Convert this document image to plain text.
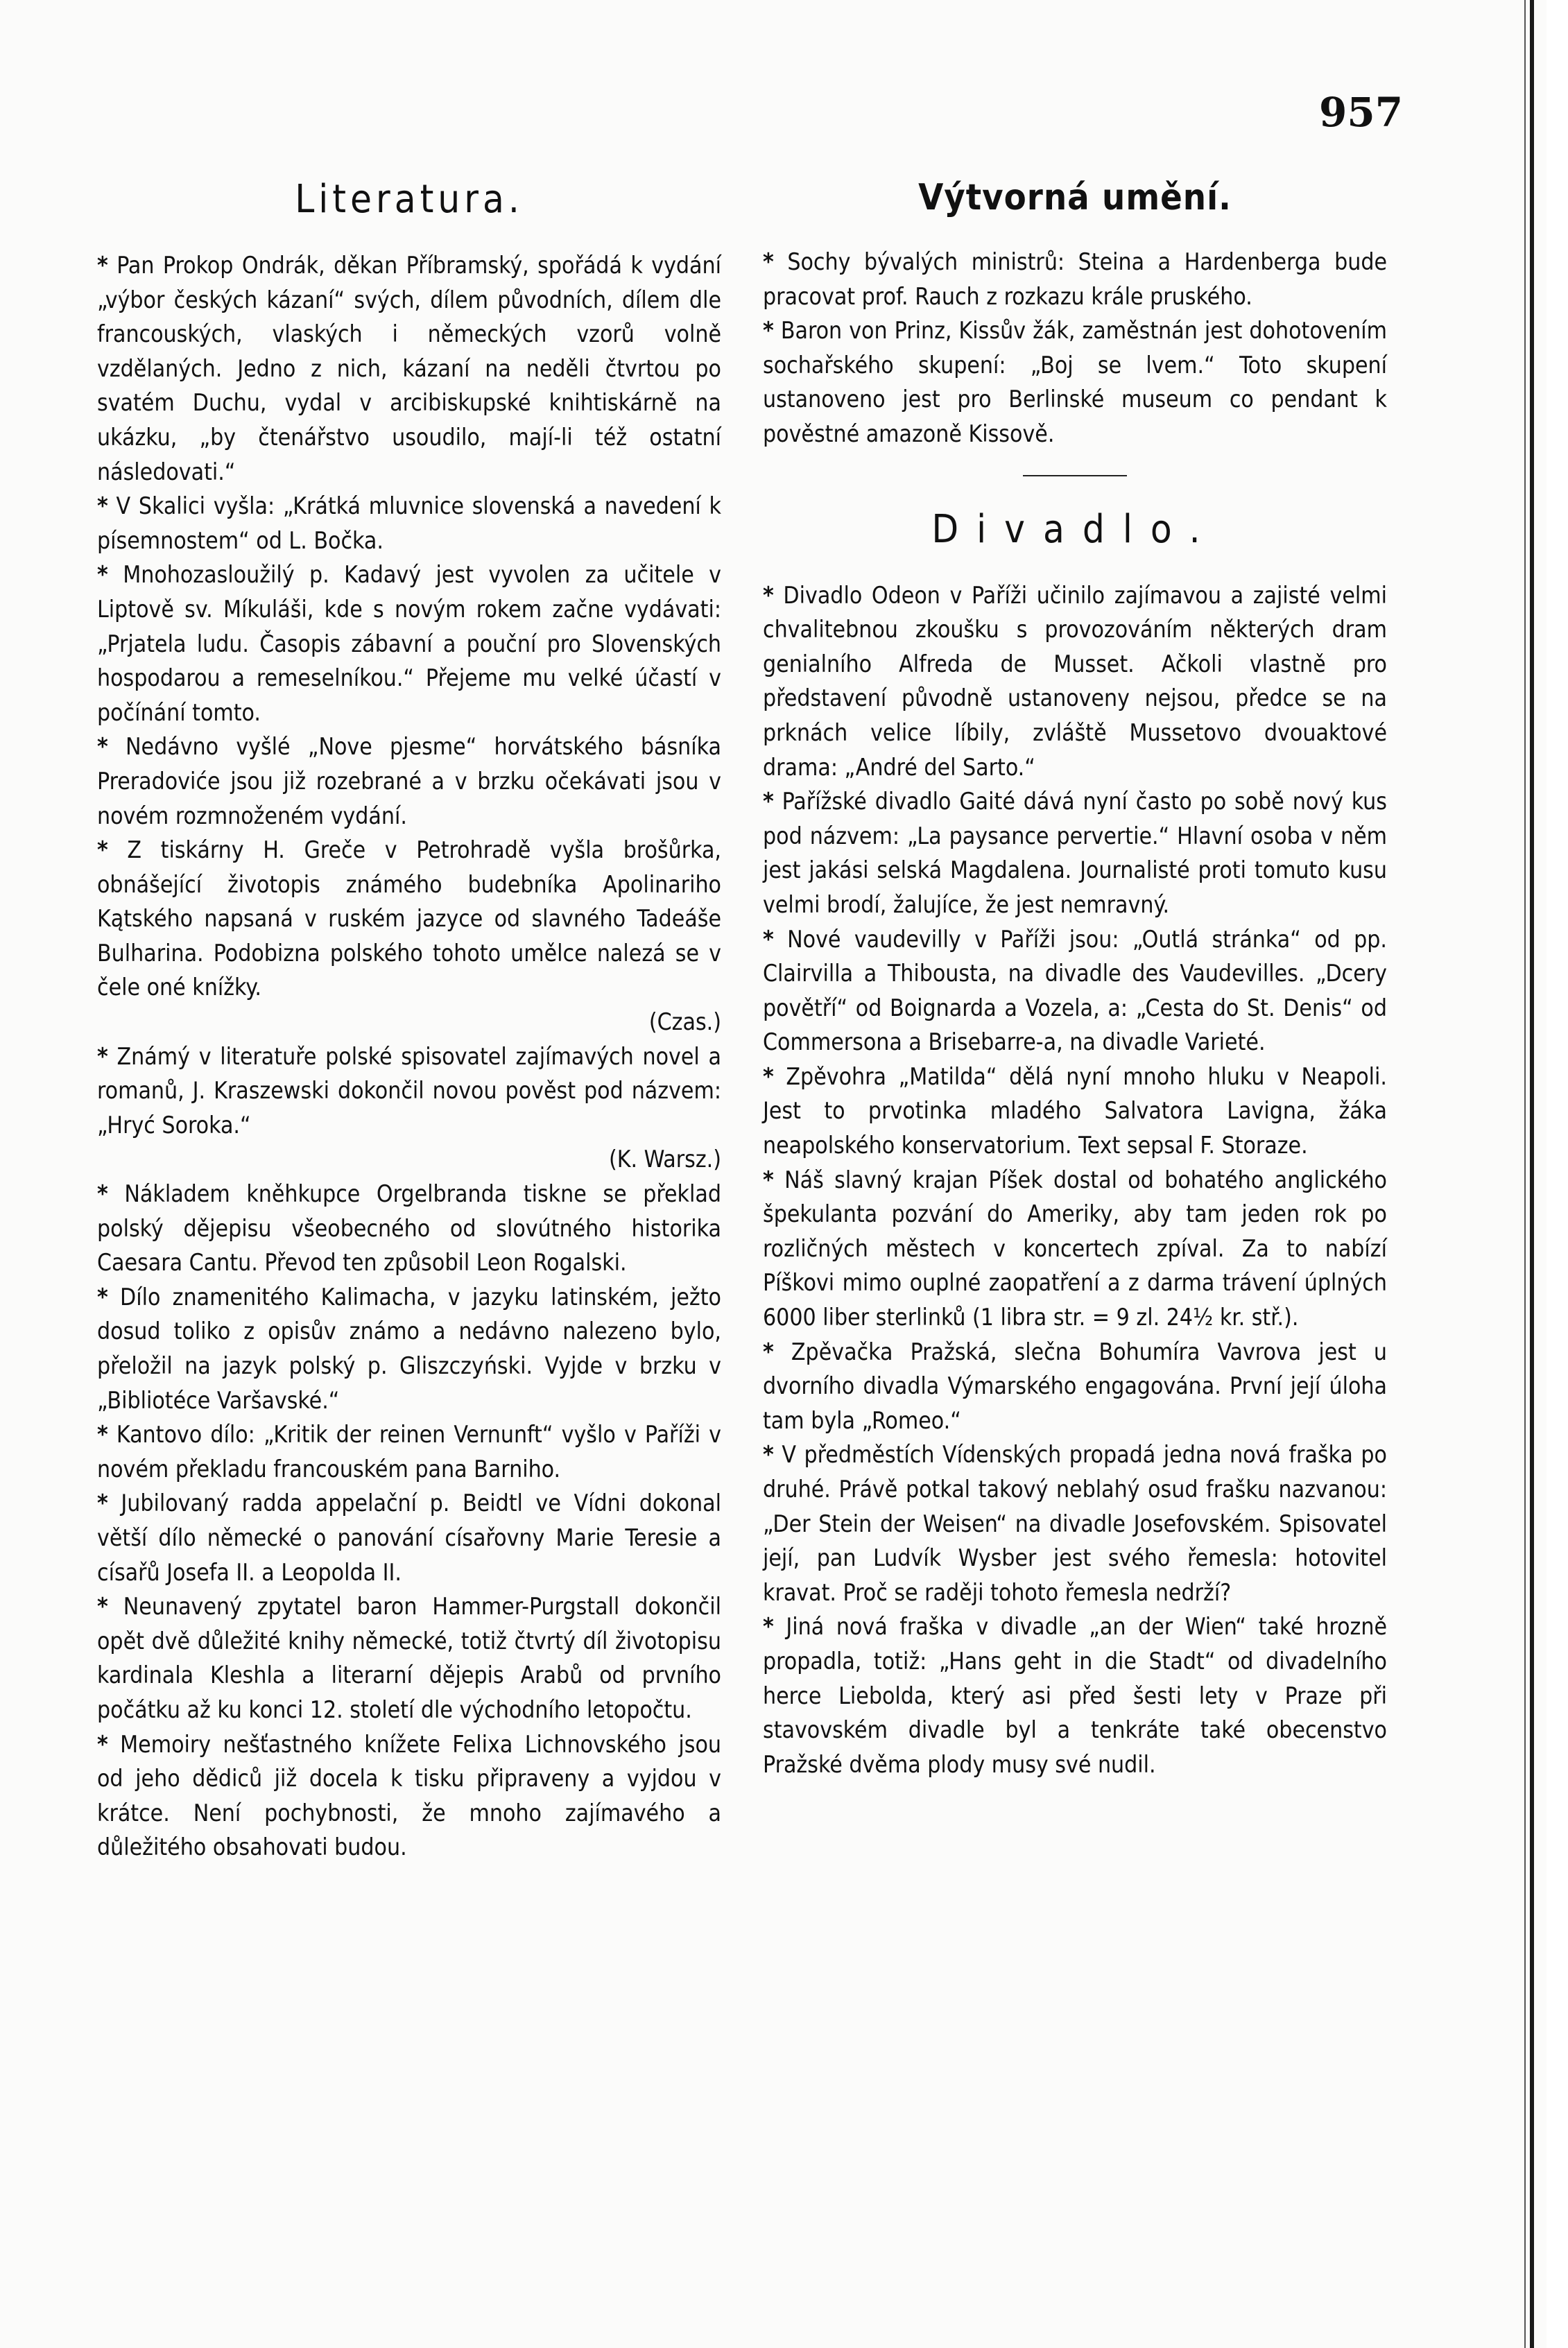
957
Literatura.

* Pan Prokop Ondrák, děkan Příbramský, spořádá k vydání „výbor českých kázaní“ svých, dílem původních, dílem dle francouských, vlaských i německých vzorů volně vzdělaných. Jedno z nich, kázaní na neděli čtvrtou po svatém Duchu, vydal v arcibiskupské knihtiskárně na ukázku, „by čtenářstvo usoudilo, mají-li též ostatní následovati.“

* V Skalici vyšla: „Krátká mluvnice slovenská a navedení k písemnostem“ od L. Bočka.

* Mnohozasloužilý p. Kadavý jest vyvolen za učitele v Liptově sv. Míkuláši, kde s novým rokem začne vydávati: „Prjatela ludu. Časopis zábavní a pouční pro Slovenských hospodarou a remeselníkou.“ Přejeme mu velké účastí v počínání tomto.

* Nedávno vyšlé „Nove pjesme“ horvátského básníka Preradoviće jsou již rozebrané a v brzku očekávati jsou v novém rozmnoženém vydání.

* Z tiskárny H. Greče v Petrohradě vyšla brošůrka, obnášející životopis známého budebníka Apolinariho Kątského napsaná v ruském jazyce od slavného Tadeáše Bulharina. Podobizna polského tohoto umělce nalezá se v čele oné knížky.
(Czas.)

* Známý v literatuře polské spisovatel zajímavých novel a romanů, J. Kraszewski dokončil novou pověst pod názvem: „Hryć Soroka.“
(K. Warsz.)

* Nákladem kněhkupce Orgelbranda tiskne se překlad polský dějepisu všeobecného od slovútného historika Caesara Cantu. Převod ten způsobil Leon Rogalski.

* Dílo znamenitého Kalimacha, v jazyku latinském, ježto dosud toliko z opisův známo a nedávno nalezeno bylo, přeložil na jazyk polský p. Gliszczyński. Vyjde v brzku v „Bibliotéce Varšavské.“

* Kantovo dílo: „Kritik der reinen Vernunft“ vyšlo v Paříži v novém překladu francouském pana Barniho.

* Jubilovaný radda appelační p. Beidtl ve Vídni dokonal větší dílo německé o panování císařovny Marie Teresie a císařů Josefa II. a Leopolda II.

* Neunavený zpytatel baron Hammer-Purgstall dokončil opět dvě důležité knihy německé, totiž čtvrtý díl životopisu kardinala Kleshla a literarní dějepis Arabů od prvního počátku až ku konci 12. století dle východního letopočtu.

* Memoiry nešťastného knížete Felixa Lichnovského jsou od jeho dědiců již docela k tisku připraveny a vyjdou v krátce. Není pochybnosti, že mnoho zajímavého a důležitého obsahovati budou.

Výtvorná umění.

* Sochy bývalých ministrů: Steina a Hardenberga bude pracovat prof. Rauch z rozkazu krále pruského.

* Baron von Prinz, Kissův žák, zaměstnán jest dohotovením sochařského skupení: „Boj se lvem.“ Toto skupení ustanoveno jest pro Berlinské museum co pendant k pověstné amazoně Kissově.

Divadlo.

* Divadlo Odeon v Paříži učinilo zajímavou a zajisté velmi chvalitebnou zkoušku s provozováním některých dram genialního Alfreda de Musset. Ačkoli vlastně pro představení původně ustanoveny nejsou, předce se na prknách velice líbily, zvláště Mussetovo dvouaktové drama: „André del Sarto.“

* Pařížské divadlo Gaité dává nyní často po sobě nový kus pod názvem: „La paysance pervertie.“ Hlavní osoba v něm jest jakási selská Magdalena. Journalisté proti tomuto kusu velmi brodí, žalujíce, že jest nemravný.

* Nové vaudevilly v Paříži jsou: „Outlá stránka“ od pp. Clairvilla a Thibousta, na divadle des Vaudevilles. „Dcery povětří“ od Boignarda a Vozela, a: „Cesta do St. Denis“ od Commersona a Brisebarre-a, na divadle Varieté.

* Zpěvohra „Matilda“ dělá nyní mnoho hluku v Neapoli. Jest to prvotinka mladého Salvatora Lavigna, žáka neapolského konservatorium. Text sepsal F. Storaze.

* Náš slavný krajan Píšek dostal od bohatého anglického špekulanta pozvání do Ameriky, aby tam jeden rok po rozličných městech v koncertech zpíval. Za to nabízí Píškovi mimo ouplné zaopatření a z darma trávení úplných 6000 liber sterlinků (1 libra str. = 9 zl. 24½ kr. stř.).

* Zpěvačka Pražská, slečna Bohumíra Vavrova jest u dvorního divadla Výmarského engagována. První její úloha tam byla „Romeo.“

* V předměstích Vídenských propadá jedna nová fraška po druhé. Právě potkal takový neblahý osud frašku nazvanou: „Der Stein der Weisen“ na divadle Josefovském. Spisovatel její, pan Ludvík Wysber jest svého řemesla: hotovitel kravat. Proč se raději tohoto řemesla nedrží?

* Jiná nová fraška v divadle „an der Wien“ také hrozně propadla, totiž: „Hans geht in die Stadt“ od divadelního herce Liebolda, který asi před šesti lety v Praze při stavovském divadle byl a tenkráte také obecenstvo Pražské dvěma plody musy své nudil.
